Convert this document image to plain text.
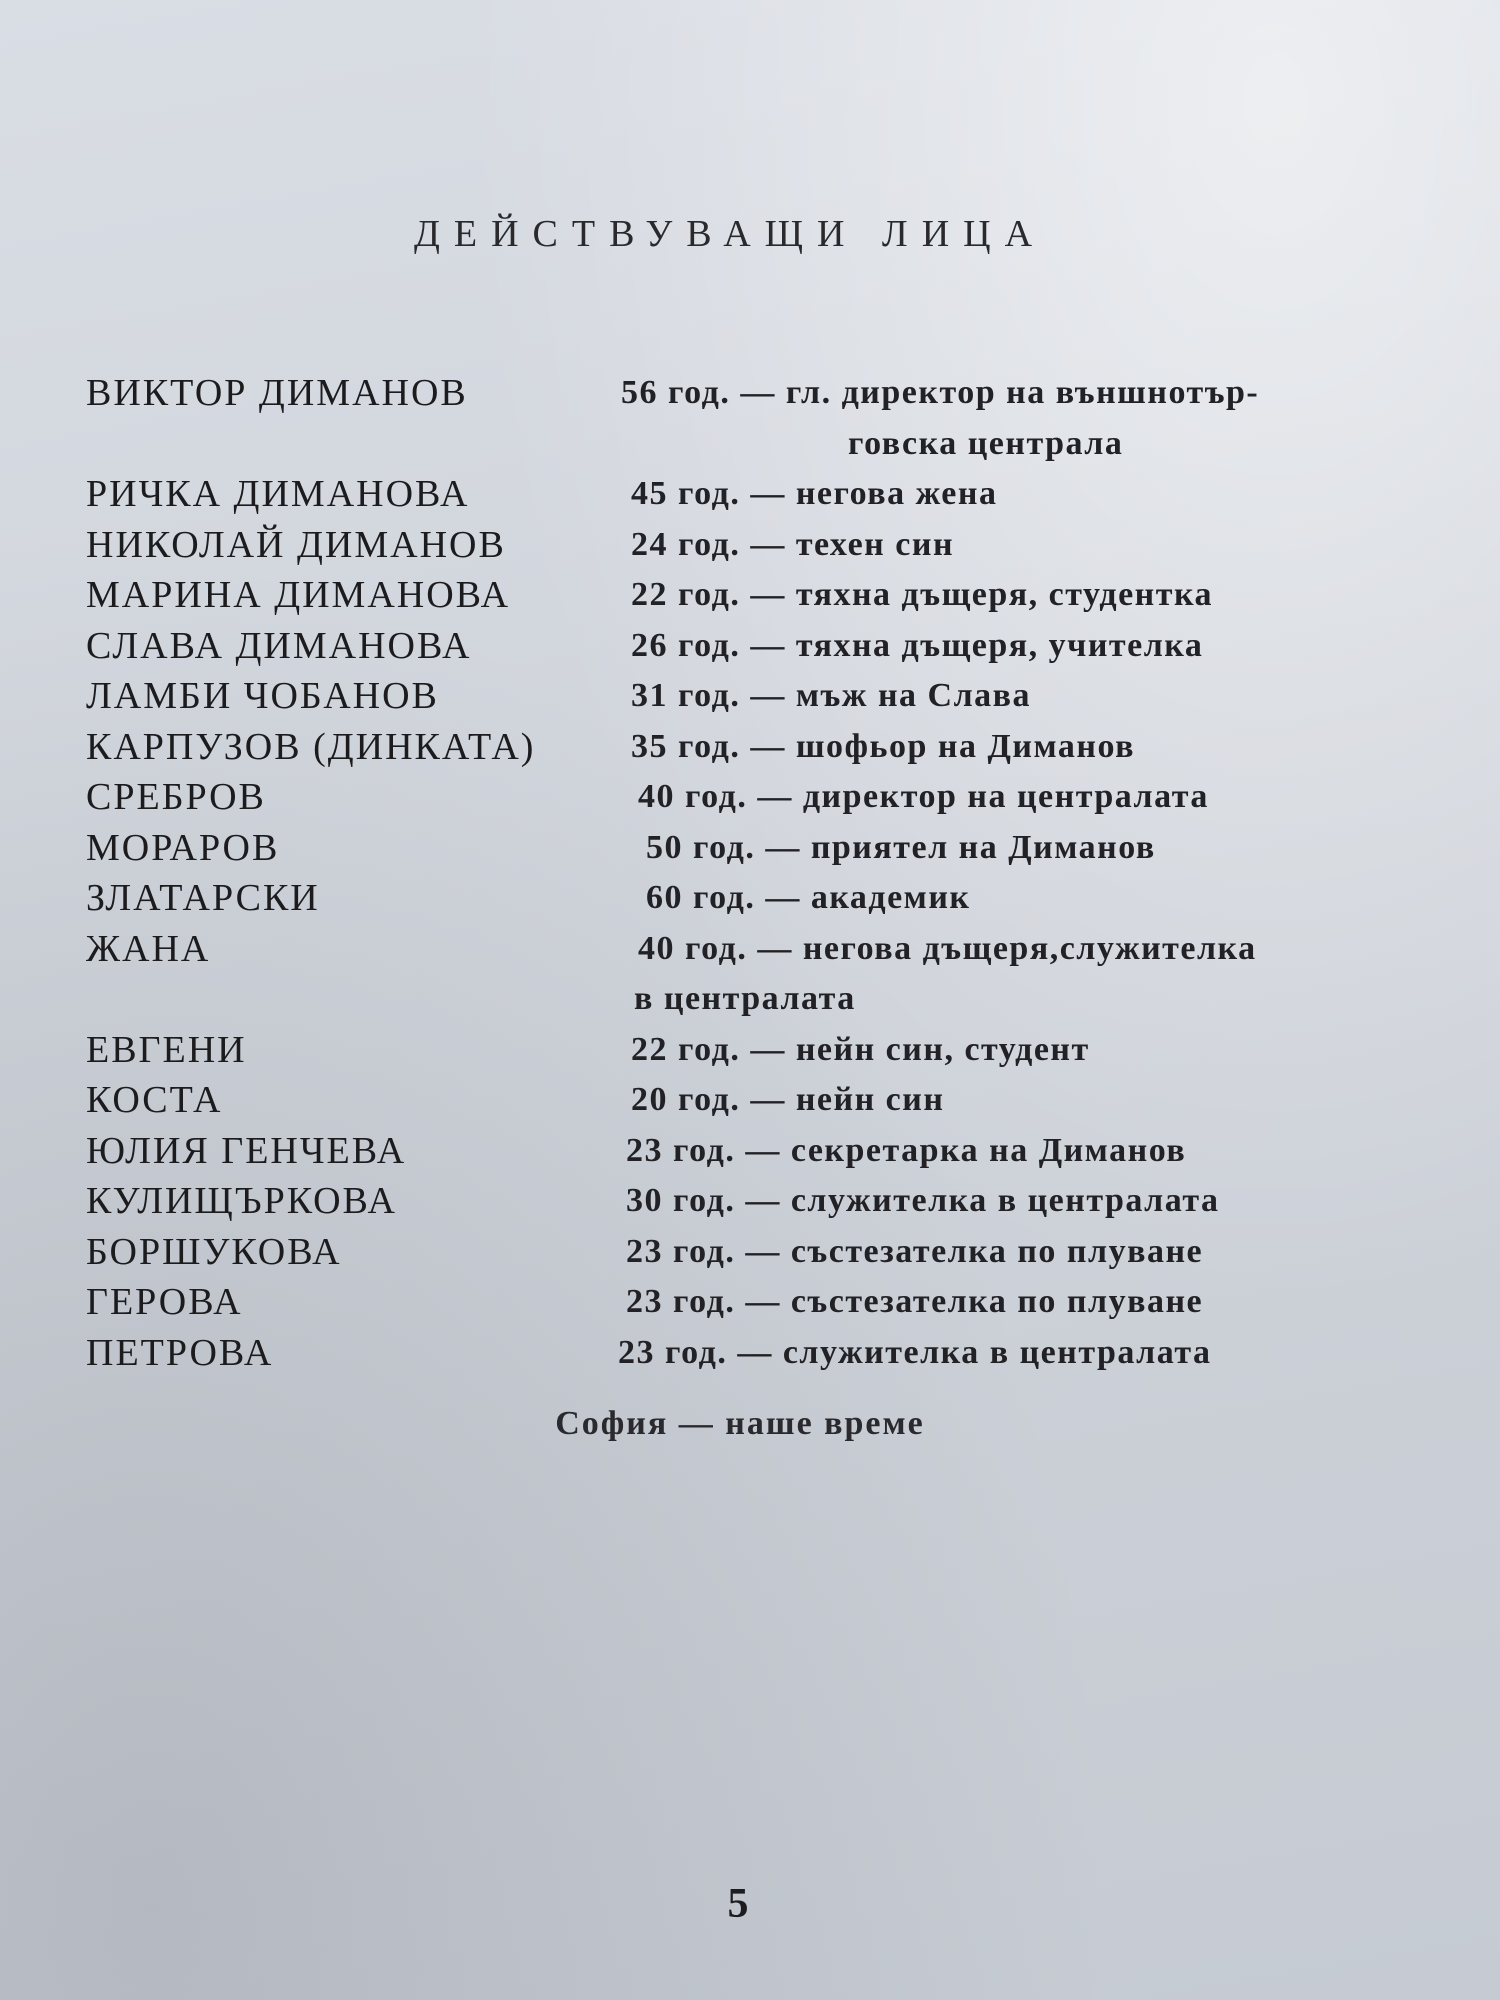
ДЕЙСТВУВАЩИ ЛИЦА
ВИКТОР ДИМАНОВ	56 год. — гл. директор на външнотър-
говска централа
РИЧКА ДИМАНОВА	45 год. — негова жена
НИКОЛАЙ ДИМАНОВ	24 год. — техен син
МАРИНА ДИМАНОВА	22 год. — тяхна дъщеря, студентка
СЛАВА ДИМАНОВА	26 год. — тяхна дъщеря, учителка
ЛАМБИ ЧОБАНОВ	31 год. — мъж на Слава
КАРПУЗОВ (ДИНКАТА)	35 год. — шофьор на Диманов
СРЕБРОВ	40 год. — директор на централата
МОРАРОВ	50 год. — приятел на Диманов
ЗЛАТАРСКИ	60 год. — академик
ЖАНА	40 год. — негова дъщеря,служителка
в централата
ЕВГЕНИ	22 год. — нейн син, студент
КОСТА	20 год. — нейн син
ЮЛИЯ ГЕНЧЕВА	23 год. — секретарка на Диманов
КУЛИЩЪРКОВА	30 год. — служителка в централата
БОРШУКОВА	23 год. — състезателка по плуване
ГЕРОВА	23 год. — състезателка по плуване
ПЕТРОВА	23 год. — служителка в централата
София — наше време
5
